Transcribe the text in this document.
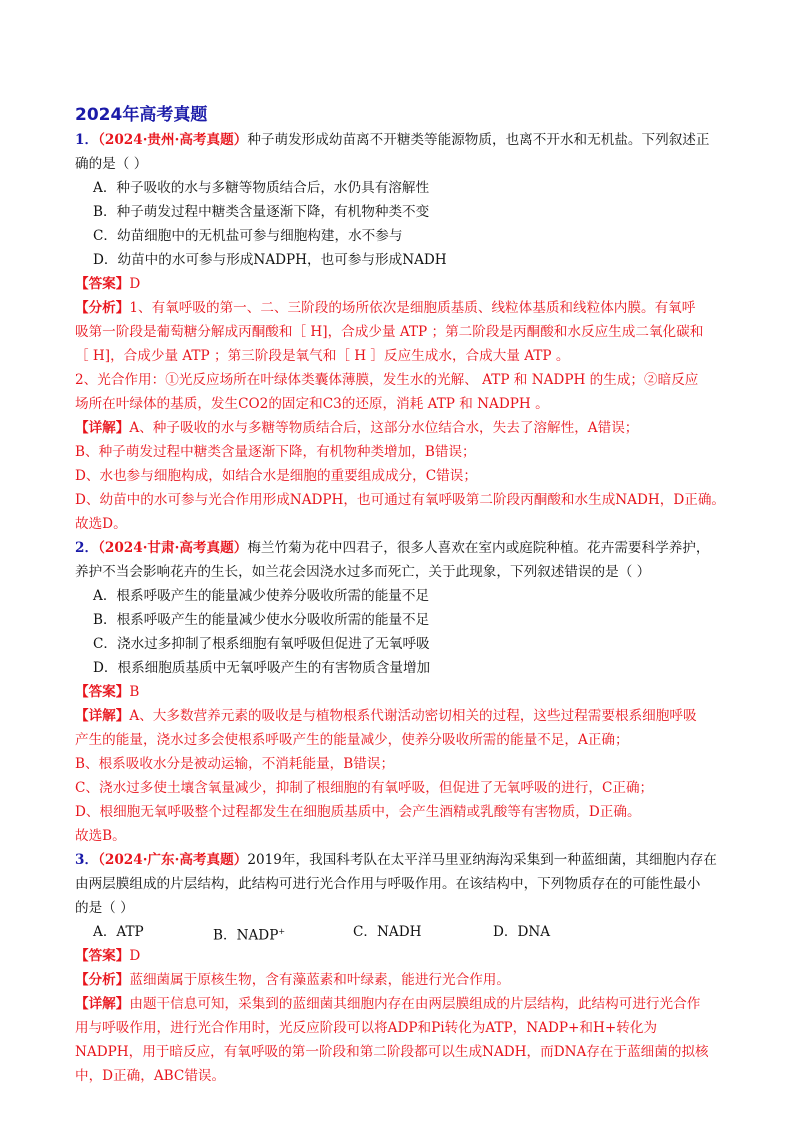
2024年高考真题
1．（2024·贵州·高考真题）种子萌发形成幼苗离不开糖类等能源物质，也离不开水和无机盐。下列叙述正
确的是（ ）
A．种子吸收的水与多糖等物质结合后，水仍具有溶解性
B．种子萌发过程中糖类含量逐渐下降，有机物种类不变
C．幼苗细胞中的无机盐可参与细胞构建，水不参与
D．幼苗中的水可参与形成NADPH，也可参与形成NADH
【答案】D
【分析】1、有氧呼吸的第一、二、三阶段的场所依次是细胞质基质、线粒体基质和线粒体内膜。有氧呼
吸第一阶段是葡萄糖分解成丙酮酸和［ H]，合成少量 ATP ；第二阶段是丙酮酸和水反应生成二氧化碳和
［ H]，合成少量 ATP ；第三阶段是氧气和［ H ］反应生成水，合成大量 ATP 。
2、光合作用：①光反应场所在叶绿体类囊体薄膜，发生水的光解、 ATP 和 NADPH 的生成；②暗反应
场所在叶绿体的基质，发生CO2的固定和C3的还原，消耗 ATP 和 NADPH 。
【详解】A、种子吸收的水与多糖等物质结合后，这部分水位结合水，失去了溶解性，A错误；
B、种子萌发过程中糖类含量逐渐下降，有机物种类增加，B错误；
D、水也参与细胞构成，如结合水是细胞的重要组成成分，C错误；
D、幼苗中的水可参与光合作用形成NADPH，也可通过有氧呼吸第二阶段丙酮酸和水生成NADH，D正确。
故选D。
2．（2024·甘肃·高考真题）梅兰竹菊为花中四君子，很多人喜欢在室内或庭院种植。花卉需要科学养护，
养护不当会影响花卉的生长，如兰花会因浇水过多而死亡，关于此现象，下列叙述错误的是（ ）
A．根系呼吸产生的能量减少使养分吸收所需的能量不足
B．根系呼吸产生的能量减少使水分吸收所需的能量不足
C．浇水过多抑制了根系细胞有氧呼吸但促进了无氧呼吸
D．根系细胞质基质中无氧呼吸产生的有害物质含量增加
【答案】B
【详解】A、大多数营养元素的吸收是与植物根系代谢活动密切相关的过程，这些过程需要根系细胞呼吸
产生的能量，浇水过多会使根系呼吸产生的能量减少，使养分吸收所需的能量不足，A正确；
B、根系吸收水分是被动运输，不消耗能量，B错误；
C、浇水过多使土壤含氧量减少，抑制了根细胞的有氧呼吸，但促进了无氧呼吸的进行，C正确；
D、根细胞无氧呼吸整个过程都发生在细胞质基质中，会产生酒精或乳酸等有害物质，D正确。
故选B。
3．（2024·广东·高考真题）2019年，我国科考队在太平洋马里亚纳海沟采集到一种蓝细菌，其细胞内存在
由两层膜组成的片层结构，此结构可进行光合作用与呼吸作用。在该结构中，下列物质存在的可能性最小
的是（ ）
A．ATP	B．NADP+	C．NADH	D．DNA
【答案】D
【分析】蓝细菌属于原核生物，含有藻蓝素和叶绿素，能进行光合作用。
【详解】由题干信息可知，采集到的蓝细菌其细胞内存在由两层膜组成的片层结构，此结构可进行光合作
用与呼吸作用，进行光合作用时，光反应阶段可以将ADP和Pi转化为ATP，NADP+和H+转化为
NADPH，用于暗反应，有氧呼吸的第一阶段和第二阶段都可以生成NADH，而DNA存在于蓝细菌的拟核
中，D正确，ABC错误。
